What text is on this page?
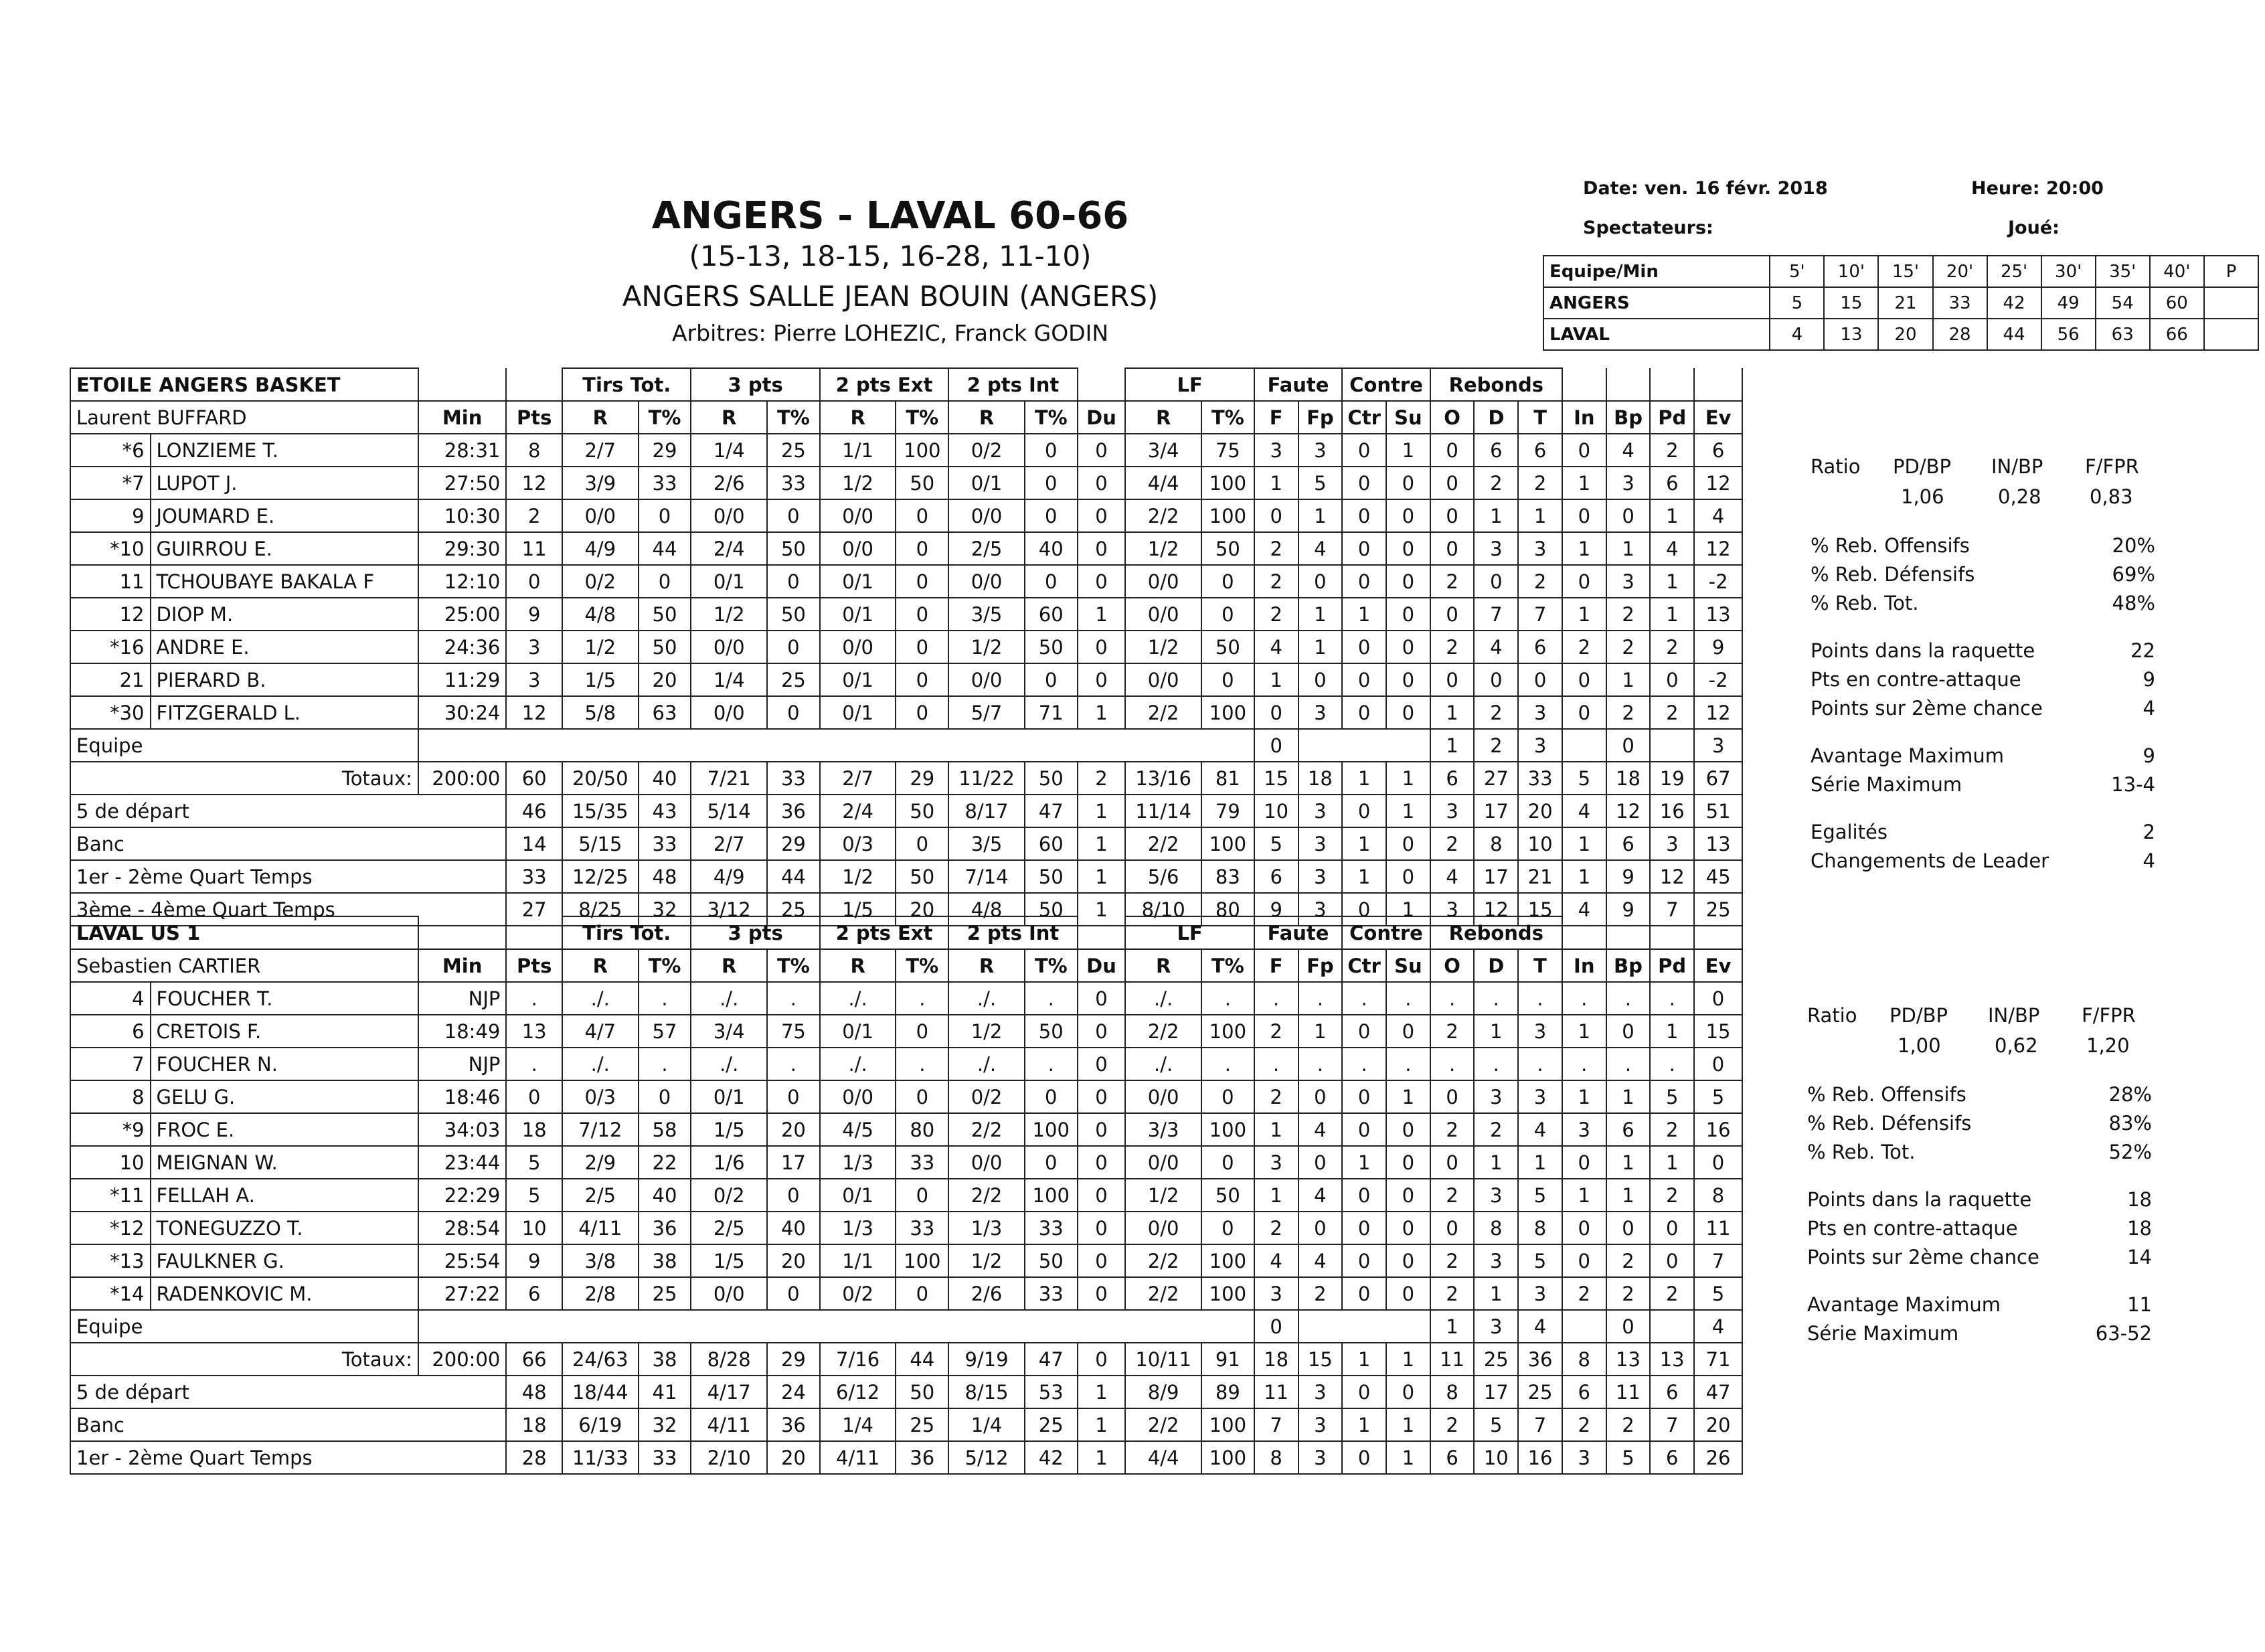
ANGERS - LAVAL 60-66
(15-13, 18-15, 16-28, 11-10)
ANGERS SALLE JEAN BOUIN (ANGERS)
Arbitres: Pierre LOHEZIC, Franck GODIN
Date: ven. 16 févr. 2018	Heure: 20:00
Spectateurs:	Joué:
Equipe/Min	5'	10'	15'	20'	25'	30'	35'	40'	P
ANGERS	5	15	21	33	42	49	54	60	
LAVAL	4	13	20	28	44	56	63	66	
ETOILE ANGERS BASKET				Tirs Tot.		3 pts		2 pts Ext		2 pts Int			LF		Faute		Contre		Rebonds						
Laurent BUFFARD		Min	Pts	R	T%	R	T%	R	T%	R	T%	Du	R	T%	F	Fp	Ctr	Su	O	D	T	In	Bp	Pd	Ev
*6	LONZIEME T.	28:31	8	2/7	29	1/4	25	1/1	100	0/2	0	0	3/4	75	3	3	0	1	0	6	6	0	4	2	6
*7	LUPOT J.	27:50	12	3/9	33	2/6	33	1/2	50	0/1	0	0	4/4	100	1	5	0	0	0	2	2	1	3	6	12
9	JOUMARD E.	10:30	2	0/0	0	0/0	0	0/0	0	0/0	0	0	2/2	100	0	1	0	0	0	1	1	0	0	1	4
*10	GUIRROU E.	29:30	11	4/9	44	2/4	50	0/0	0	2/5	40	0	1/2	50	2	4	0	0	0	3	3	1	1	4	12
11	TCHOUBAYE BAKALA F	12:10	0	0/2	0	0/1	0	0/1	0	0/0	0	0	0/0	0	2	0	0	0	2	0	2	0	3	1	-2
12	DIOP M.	25:00	9	4/8	50	1/2	50	0/1	0	3/5	60	1	0/0	0	2	1	1	0	0	7	7	1	2	1	13
*16	ANDRE E.	24:36	3	1/2	50	0/0	0	0/0	0	1/2	50	0	1/2	50	4	1	0	0	2	4	6	2	2	2	9
21	PIERARD B.	11:29	3	1/5	20	1/4	25	0/1	0	0/0	0	0	0/0	0	1	0	0	0	0	0	0	0	1	0	-2
*30	FITZGERALD L.	30:24	12	5/8	63	0/0	0	0/1	0	5/7	71	1	2/2	100	0	3	0	0	1	2	3	0	2	2	12
Equipe															0				1	2	3		0		3
Totaux:		200:00	60	20/50	40	7/21	33	2/7	29	11/22	50	2	13/16	81	15	18	1	1	6	27	33	5	18	19	67
5 de départ			46	15/35	43	5/14	36	2/4	50	8/17	47	1	11/14	79	10	3	0	1	3	17	20	4	12	16	51
Banc			14	5/15	33	2/7	29	0/3	0	3/5	60	1	2/2	100	5	3	1	0	2	8	10	1	6	3	13
1er - 2ème Quart Temps			33	12/25	48	4/9	44	1/2	50	7/14	50	1	5/6	83	6	3	1	0	4	17	21	1	9	12	45
3ème - 4ème Quart Temps			27	8/25	32	3/12	25	1/5	20	4/8	50	1	8/10	80	9	3	0	1	3	12	15	4	9	7	25
LAVAL US 1				Tirs Tot.		3 pts		2 pts Ext		2 pts Int			LF		Faute		Contre		Rebonds						
Sebastien CARTIER		Min	Pts	R	T%	R	T%	R	T%	R	T%	Du	R	T%	F	Fp	Ctr	Su	O	D	T	In	Bp	Pd	Ev
4	FOUCHER T.	NJP	.	./.	.	./.	.	./.	.	./.	.	0	./.	.	.	.	.	.	.	.	.	.	.	.	0
6	CRETOIS F.	18:49	13	4/7	57	3/4	75	0/1	0	1/2	50	0	2/2	100	2	1	0	0	2	1	3	1	0	1	15
7	FOUCHER N.	NJP	.	./.	.	./.	.	./.	.	./.	.	0	./.	.	.	.	.	.	.	.	.	.	.	.	0
8	GELU G.	18:46	0	0/3	0	0/1	0	0/0	0	0/2	0	0	0/0	0	2	0	0	1	0	3	3	1	1	5	5
*9	FROC E.	34:03	18	7/12	58	1/5	20	4/5	80	2/2	100	0	3/3	100	1	4	0	0	2	2	4	3	6	2	16
10	MEIGNAN W.	23:44	5	2/9	22	1/6	17	1/3	33	0/0	0	0	0/0	0	3	0	1	0	0	1	1	0	1	1	0
*11	FELLAH A.	22:29	5	2/5	40	0/2	0	0/1	0	2/2	100	0	1/2	50	1	4	0	0	2	3	5	1	1	2	8
*12	TONEGUZZO T.	28:54	10	4/11	36	2/5	40	1/3	33	1/3	33	0	0/0	0	2	0	0	0	0	8	8	0	0	0	11
*13	FAULKNER G.	25:54	9	3/8	38	1/5	20	1/1	100	1/2	50	0	2/2	100	4	4	0	0	2	3	5	0	2	0	7
*14	RADENKOVIC M.	27:22	6	2/8	25	0/0	0	0/2	0	2/6	33	0	2/2	100	3	2	0	0	2	1	3	2	2	2	5
Equipe															0				1	3	4		0		4
Totaux:		200:00	66	24/63	38	8/28	29	7/16	44	9/19	47	0	10/11	91	18	15	1	1	11	25	36	8	13	13	71
5 de départ			48	18/44	41	4/17	24	6/12	50	8/15	53	1	8/9	89	11	3	0	0	8	17	25	6	11	6	47
Banc			18	6/19	32	4/11	36	1/4	25	1/4	25	1	2/2	100	7	3	1	1	2	5	7	2	2	7	20
1er - 2ème Quart Temps			28	11/33	33	2/10	20	4/11	36	5/12	42	1	4/4	100	8	3	0	1	6	10	16	3	5	6	26
Ratio PD/BP IN/BP F/FPR
1,06	0,28 0,83
% Reb. Offensifs	20%
% Reb. Défensifs	69%
% Reb. Tot.	48%
Points dans la raquette	22
Pts en contre-attaque	9
Points sur 2ème chance	4
Avantage Maximum	9
Série Maximum	13-4
Egalités	2
Changements de Leader	4
Ratio PD/BP IN/BP F/FPR
1,00	0,62 1,20
% Reb. Offensifs	28%
% Reb. Défensifs	83%
% Reb. Tot.	52%
Points dans la raquette	18
Pts en contre-attaque	18
Points sur 2ème chance	14
Avantage Maximum	11
Série Maximum	63-52
